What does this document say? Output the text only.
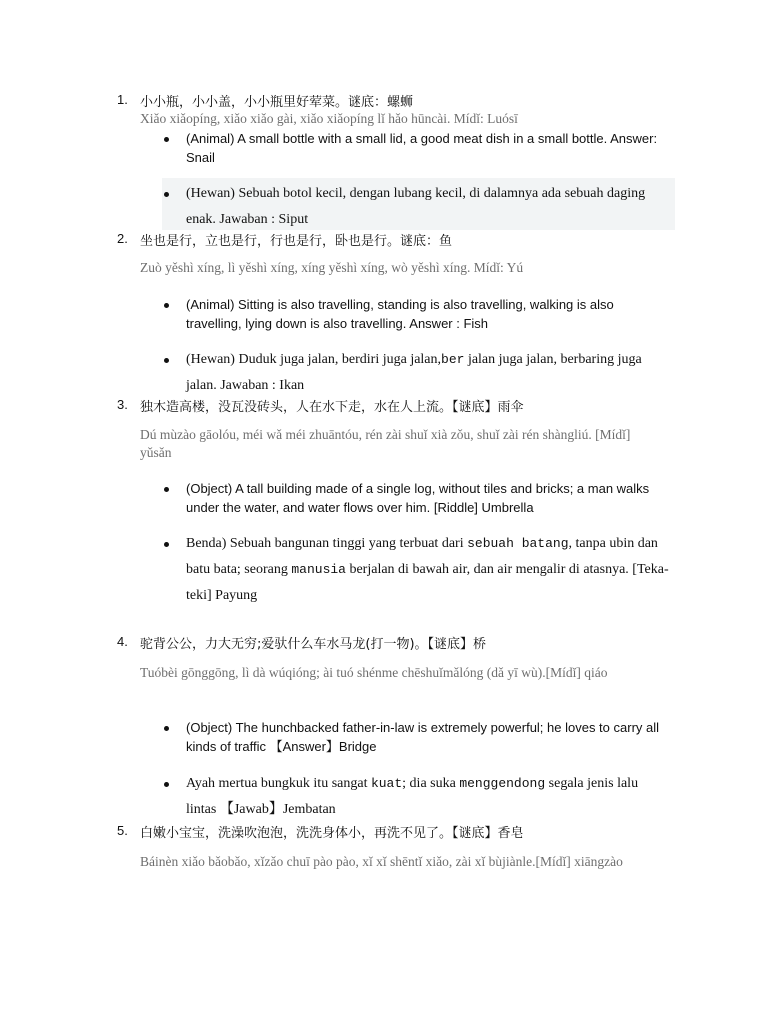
1. 小小瓶，小小盖，小小瓶里好荤菜。谜底：螺蛳
Xiǎo xiǎopíng, xiǎo xiǎo gài, xiǎo xiǎopíng lǐ hǎo hūncài. Mídǐ: Luósī
(Animal) A small bottle with a small lid, a good meat dish in a small bottle. Answer: Snail
(Hewan) Sebuah botol kecil, dengan lubang kecil, di dalamnya ada sebuah daging enak. Jawaban : Siput
2. 坐也是行，立也是行，行也是行，卧也是行。谜底：鱼
Zuò yěshì xíng, lì yěshì xíng, xíng yěshì xíng, wò yěshì xíng. Mídǐ: Yú
(Animal) Sitting is also travelling, standing is also travelling, walking is also travelling, lying down is also travelling. Answer : Fish
(Hewan) Duduk juga jalan, berdiri juga jalan,ber jalan juga jalan, berbaring juga jalan. Jawaban : Ikan
3. 独木造高楼，没瓦没砖头，人在水下走，水在人上流。【谜底】雨伞
Dú mùzào gāolóu, méi wǎ méi zhuāntóu, rén zài shuǐ xià zǒu, shuǐ zài rén shàngliú. [Mídǐ] yǔsǎn
(Object) A tall building made of a single log, without tiles and bricks; a man walks under the water, and water flows over him. [Riddle] Umbrella
Benda) Sebuah bangunan tinggi yang terbuat dari sebuah batang, tanpa ubin dan batu bata; seorang manusia berjalan di bawah air, dan air mengalir di atasnya. [Teka-teki] Payung
4. 驼背公公，力大无穷;爱驮什么车水马龙(打一物)。【谜底】桥
Tuóbèi gōnggōng, lì dà wúqióng; ài tuó shénme chēshuǐmǎlóng (dǎ yī wù).[Mídǐ] qiáo
(Object) The hunchbacked father-in-law is extremely powerful; he loves to carry all kinds of traffic 【Answer】Bridge
Ayah mertua bungkuk itu sangat kuat; dia suka menggendong segala jenis lalu lintas 【Jawab】Jembatan
5. 白嫩小宝宝，洗澡吹泡泡，洗洗身体小，再洗不见了。【谜底】香皂
Báinèn xiǎo bǎobǎo, xǐzǎo chuī pào pào, xǐ xǐ shēntǐ xiǎo, zài xǐ bùjiànle.[Mídǐ] xiāngzào
